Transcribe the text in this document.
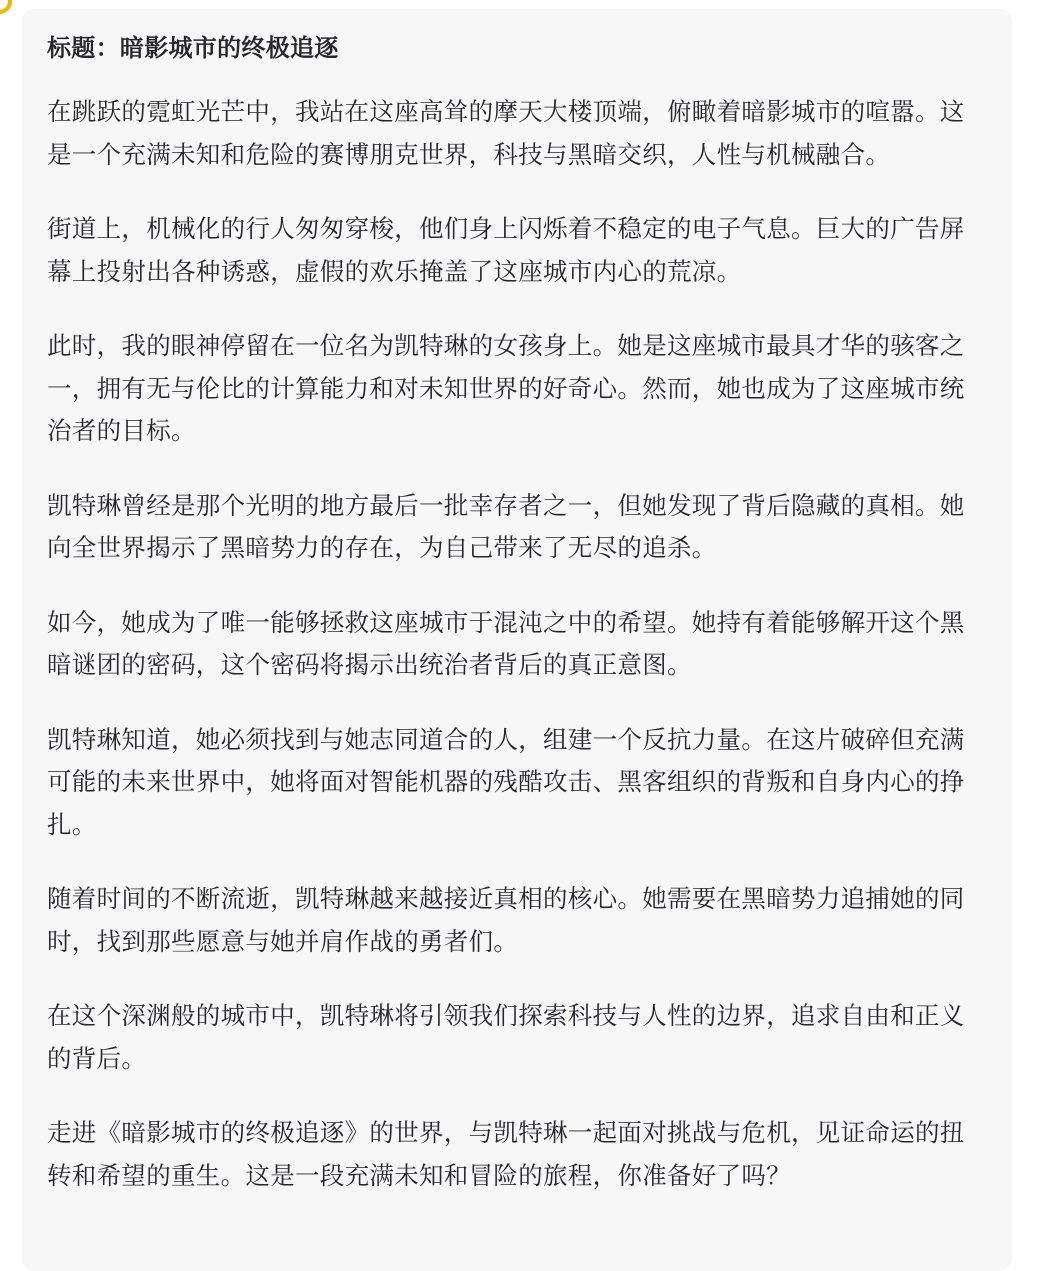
标题：暗影城市的终极追逐

在跳跃的霓虹光芒中，我站在这座高耸的摩天大楼顶端，俯瞰着暗影城市的喧嚣。这是一个充满未知和危险的赛博朋克世界，科技与黑暗交织，人性与机械融合。

街道上，机械化的行人匆匆穿梭，他们身上闪烁着不稳定的电子气息。巨大的广告屏幕上投射出各种诱惑，虚假的欢乐掩盖了这座城市内心的荒凉。

此时，我的眼神停留在一位名为凯特琳的女孩身上。她是这座城市最具才华的骇客之一，拥有无与伦比的计算能力和对未知世界的好奇心。然而，她也成为了这座城市统治者的目标。

凯特琳曾经是那个光明的地方最后一批幸存者之一，但她发现了背后隐藏的真相。她向全世界揭示了黑暗势力的存在，为自己带来了无尽的追杀。

如今，她成为了唯一能够拯救这座城市于混沌之中的希望。她持有着能够解开这个黑暗谜团的密码，这个密码将揭示出统治者背后的真正意图。

凯特琳知道，她必须找到与她志同道合的人，组建一个反抗力量。在这片破碎但充满可能的未来世界中，她将面对智能机器的残酷攻击、黑客组织的背叛和自身内心的挣扎。

随着时间的不断流逝，凯特琳越来越接近真相的核心。她需要在黑暗势力追捕她的同时，找到那些愿意与她并肩作战的勇者们。

在这个深渊般的城市中，凯特琳将引领我们探索科技与人性的边界，追求自由和正义的背后。

走进《暗影城市的终极追逐》的世界，与凯特琳一起面对挑战与危机，见证命运的扭转和希望的重生。这是一段充满未知和冒险的旅程，你准备好了吗？
